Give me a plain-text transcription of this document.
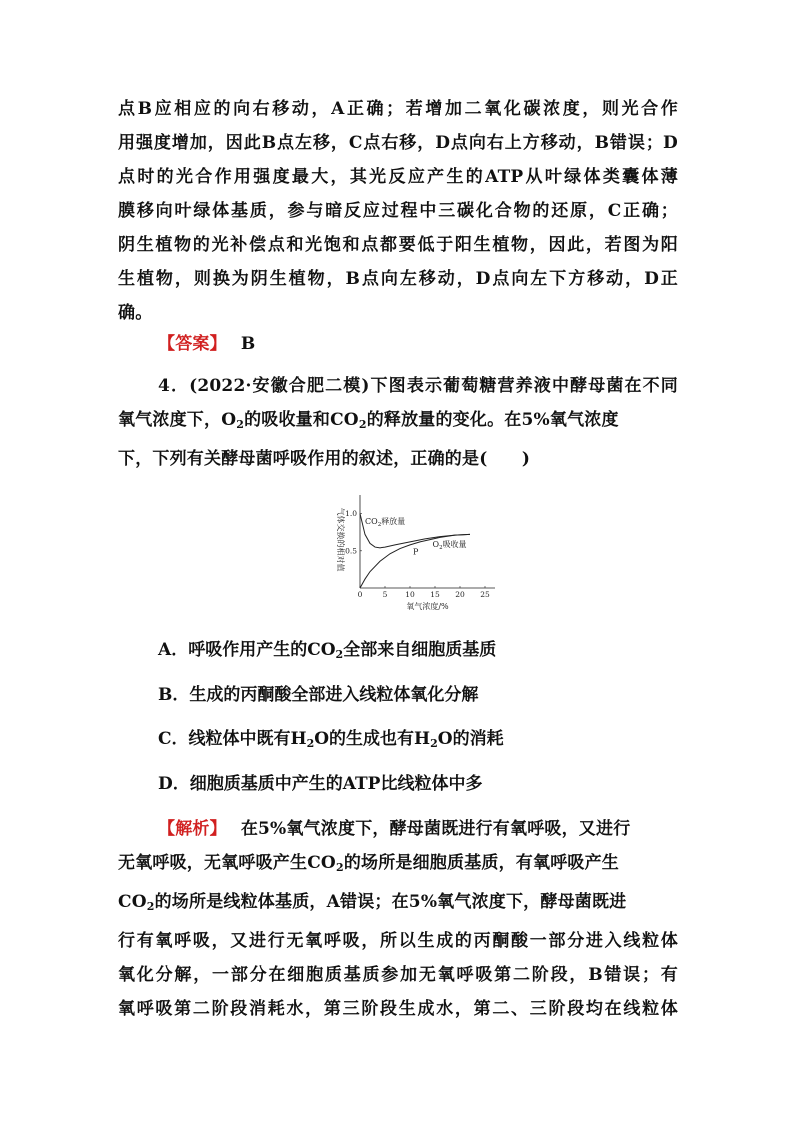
点B应相应的向右移动，A正确；若增加二氧化碳浓度，则光合作
用强度增加，因此B点左移，C点右移，D点向右上方移动，B错误；D
点时的光合作用强度最大，其光反应产生的ATP从叶绿体类囊体薄
膜移向叶绿体基质，参与暗反应过程中三碳化合物的还原，C正确；
阴生植物的光补偿点和光饱和点都要低于阳生植物，因此，若图为阳
生植物，则换为阴生植物，B点向左移动，D点向左下方移动，D正
确。
【答案】 B
4．(2022·安徽合肥二模)下图表示葡萄糖营养液中酵母菌在不同
氧气浓度下，$O_2$的吸收量和$CO_2$的释放量的变化。在5%氧气浓度
下，下列有关酵母菌呼吸作用的叙述，正确的是(　　)
0	5 10 15 20 25
0.5
1.0
氧气浓度/%
气体交换的相对值	$CO_2$释放量
$O_2$吸收量
P
A．呼吸作用产生的$CO_2$全部来自细胞质基质
B．生成的丙酮酸全部进入线粒体氧化分解
C．线粒体中既有$H_2O$的生成也有$H_2O$的消耗
D．细胞质基质中产生的ATP比线粒体中多
【解析】 在5%氧气浓度下，酵母菌既进行有氧呼吸，又进行
无氧呼吸，无氧呼吸产生$CO_2$的场所是细胞质基质，有氧呼吸产生
$CO_2$的场所是线粒体基质，A错误；在5%氧气浓度下，酵母菌既进
行有氧呼吸，又进行无氧呼吸，所以生成的丙酮酸一部分进入线粒体
氧化分解，一部分在细胞质基质参加无氧呼吸第二阶段，B错误；有
氧呼吸第二阶段消耗水，第三阶段生成水，第二、三阶段均在线粒体
